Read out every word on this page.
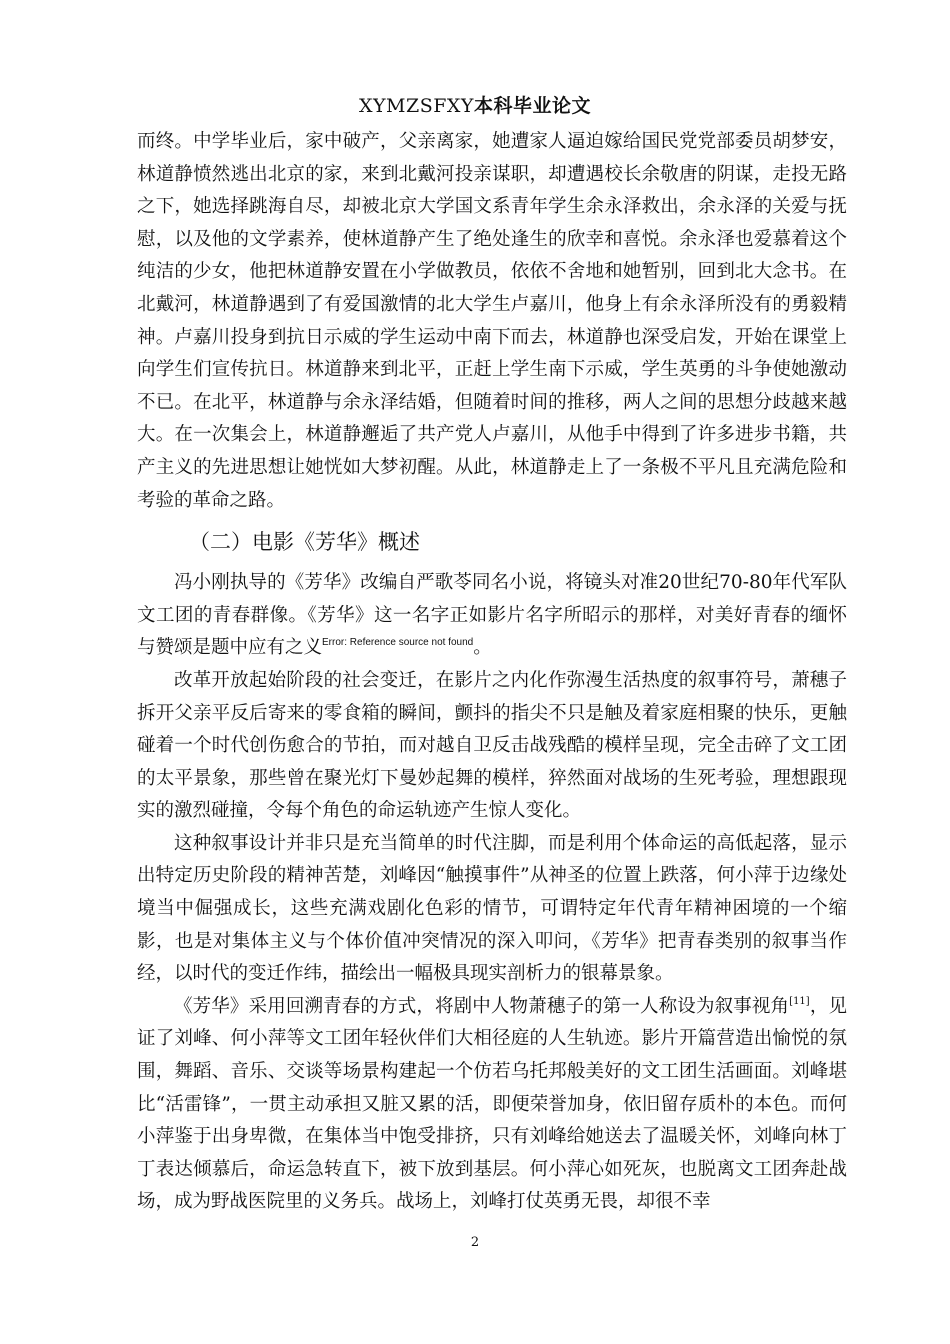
XYMZSFXY本科毕业论文

而终。中学毕业后，家中破产，父亲离家，她遭家人逼迫嫁给国民党党部委员胡梦安，林道静愤然逃出北京的家，来到北戴河投亲谋职，却遭遇校长余敬唐的阴谋，走投无路之下，她选择跳海自尽，却被北京大学国文系青年学生余永泽救出，余永泽的关爱与抚慰，以及他的文学素养，使林道静产生了绝处逢生的欣幸和喜悦。余永泽也爱慕着这个纯洁的少女，他把林道静安置在小学做教员，依依不舍地和她暂别，回到北大念书。在北戴河，林道静遇到了有爱国激情的北大学生卢嘉川，他身上有余永泽所没有的勇毅精神。卢嘉川投身到抗日示威的学生运动中南下而去，林道静也深受启发，开始在课堂上向学生们宣传抗日。林道静来到北平，正赶上学生南下示威，学生英勇的斗争使她激动不已。在北平，林道静与余永泽结婚，但随着时间的推移，两人之间的思想分歧越来越大。在一次集会上，林道静邂逅了共产党人卢嘉川，从他手中得到了许多进步书籍，共产主义的先进思想让她恍如大梦初醒。从此，林道静走上了一条极不平凡且充满危险和考验的革命之路。

（二）电影《芳华》概述

冯小刚执导的《芳华》改编自严歌苓同名小说，将镜头对准20世纪70-80年代军队文工团的青春群像。《芳华》这一名字正如影片名字所昭示的那样，对美好青春的缅怀与赞颂是题中应有之义$^{Error: Reference source not found}$。

改革开放起始阶段的社会变迁，在影片之内化作弥漫生活热度的叙事符号，萧穗子拆开父亲平反后寄来的零食箱的瞬间，颤抖的指尖不只是触及着家庭相聚的快乐，更触碰着一个时代创伤愈合的节拍，而对越自卫反击战残酷的模样呈现，完全击碎了文工团的太平景象，那些曾在聚光灯下曼妙起舞的模样，猝然面对战场的生死考验，理想跟现实的激烈碰撞，令每个角色的命运轨迹产生惊人变化。

这种叙事设计并非只是充当简单的时代注脚，而是利用个体命运的高低起落，显示出特定历史阶段的精神苦楚，刘峰因“触摸事件”从神圣的位置上跌落，何小萍于边缘处境当中倔强成长，这些充满戏剧化色彩的情节，可谓特定年代青年精神困境的一个缩影，也是对集体主义与个体价值冲突情况的深入叩问，《芳华》把青春类别的叙事当作经，以时代的变迁作纬，描绘出一幅极具现实剖析力的银幕景象。

《芳华》采用回溯青春的方式，将剧中人物萧穗子的第一人称设为叙事视角[11]，见证了刘峰、何小萍等文工团年轻伙伴们大相径庭的人生轨迹。影片开篇营造出愉悦的氛围，舞蹈、音乐、交谈等场景构建起一个仿若乌托邦般美好的文工团生活画面。刘峰堪比“活雷锋”，一贯主动承担又脏又累的活，即便荣誉加身，依旧留存质朴的本色。而何小萍鉴于出身卑微，在集体当中饱受排挤，只有刘峰给她送去了温暖关怀，刘峰向林丁丁表达倾慕后，命运急转直下，被下放到基层。何小萍心如死灰，也脱离文工团奔赴战场，成为野战医院里的义务兵。战场上，刘峰打仗英勇无畏，却很不幸

2
